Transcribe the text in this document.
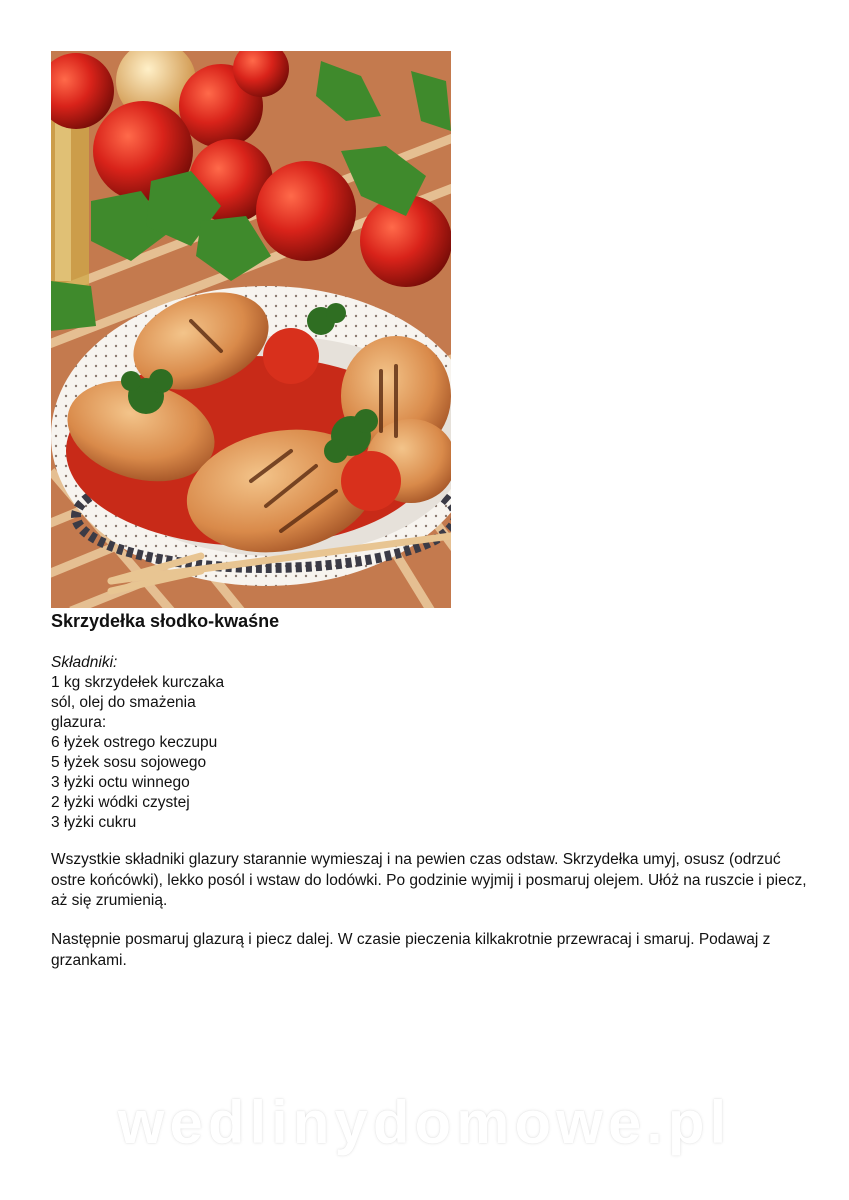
Skrzydełka słodko-kwaśne
Składniki:
1 kg skrzydełek kurczaka
sól, olej do smażenia
glazura:
6 łyżek ostrego keczupu
5 łyżek sosu sojowego
3 łyżki octu winnego
2 łyżki wódki czystej
3 łyżki cukru

Wszystkie składniki glazury starannie wymieszaj i na pewien czas odstaw. Skrzydełka umyj, osusz (odrzuć ostre końcówki), lekko posól i wstaw do lodówki. Po godzinie wyjmij i posmaruj olejem. Ułóż na ruszcie i piecz, aż się zrumienią.

Następnie posmaruj glazurą i piecz dalej. W czasie pieczenia kilkakrotnie przewracaj i smaruj. Podawaj z grzankami.

wedlinydomowe.pl
